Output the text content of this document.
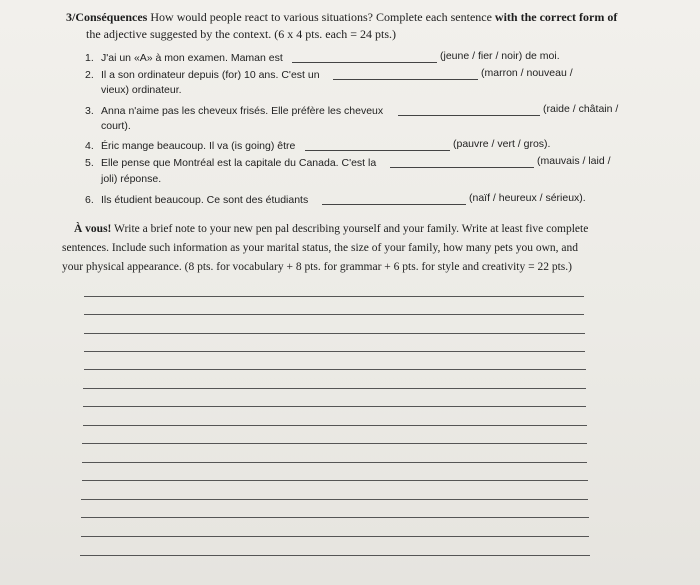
3/Conséquences How would people react to various situations? Complete each sentence with the correct form of
the adjective suggested by the context. (6 x 4 pts. each = 24 pts.)
1. J'ai un «A» à mon examen. Maman est	(jeune / fier / noir) de moi.
2. Il a son ordinateur depuis (for) 10 ans. C'est un	(marron / nouveau /
vieux) ordinateur.
3. Anna n'aime pas les cheveux frisés. Elle préfère les cheveux	(raide / châtain /
court).
4. Éric mange beaucoup. Il va (is going) être	(pauvre / vert / gros).
5. Elle pense que Montréal est la capitale du Canada. C'est la	(mauvais / laid /
joli) réponse.
6. Ils étudient beaucoup. Ce sont des étudiants	(naïf / heureux / sérieux).
À vous! Write a brief note to your new pen pal describing yourself and your family. Write at least five complete
sentences. Include such information as your marital status, the size of your family, how many pets you own, and
your physical appearance. (8 pts. for vocabulary + 8 pts. for grammar + 6 pts. for style and creativity = 22 pts.)
